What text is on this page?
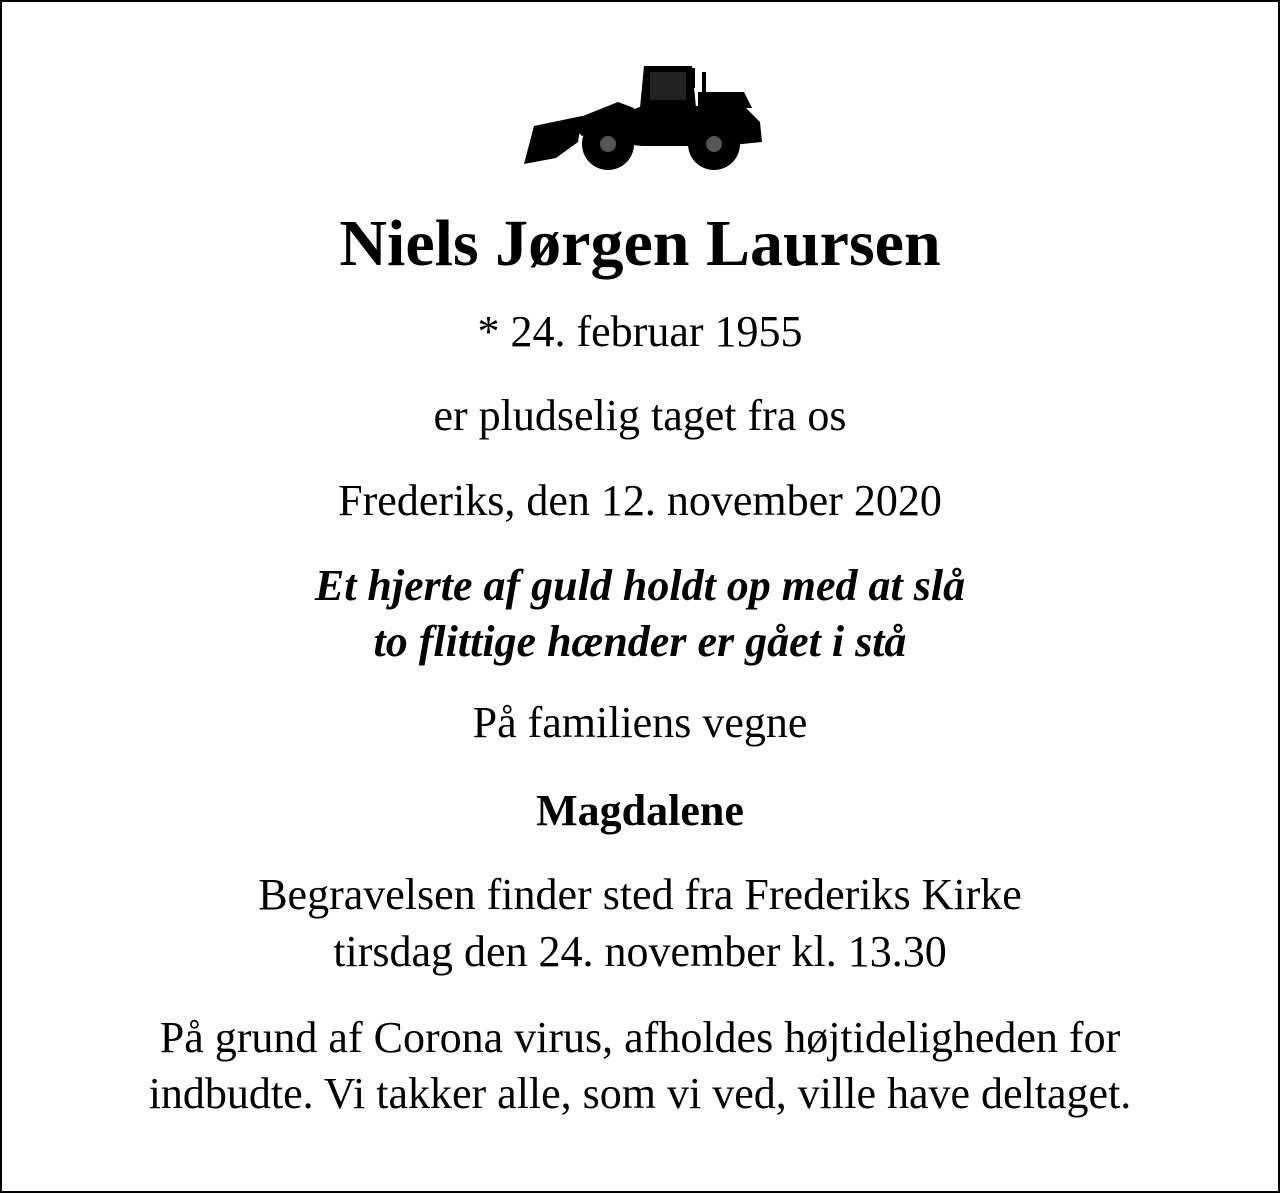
Niels Jørgen Laursen
* 24. februar 1955
er pludselig taget fra os
Frederiks, den 12. november 2020
Et hjerte af guld holdt op med at slå
to flittige hænder er gået i stå
På familiens vegne
Magdalene
Begravelsen finder sted fra Frederiks Kirke
tirsdag den 24. november kl. 13.30
På grund af Corona virus, afholdes højtideligheden for
indbudte. Vi takker alle, som vi ved, ville have deltaget.
